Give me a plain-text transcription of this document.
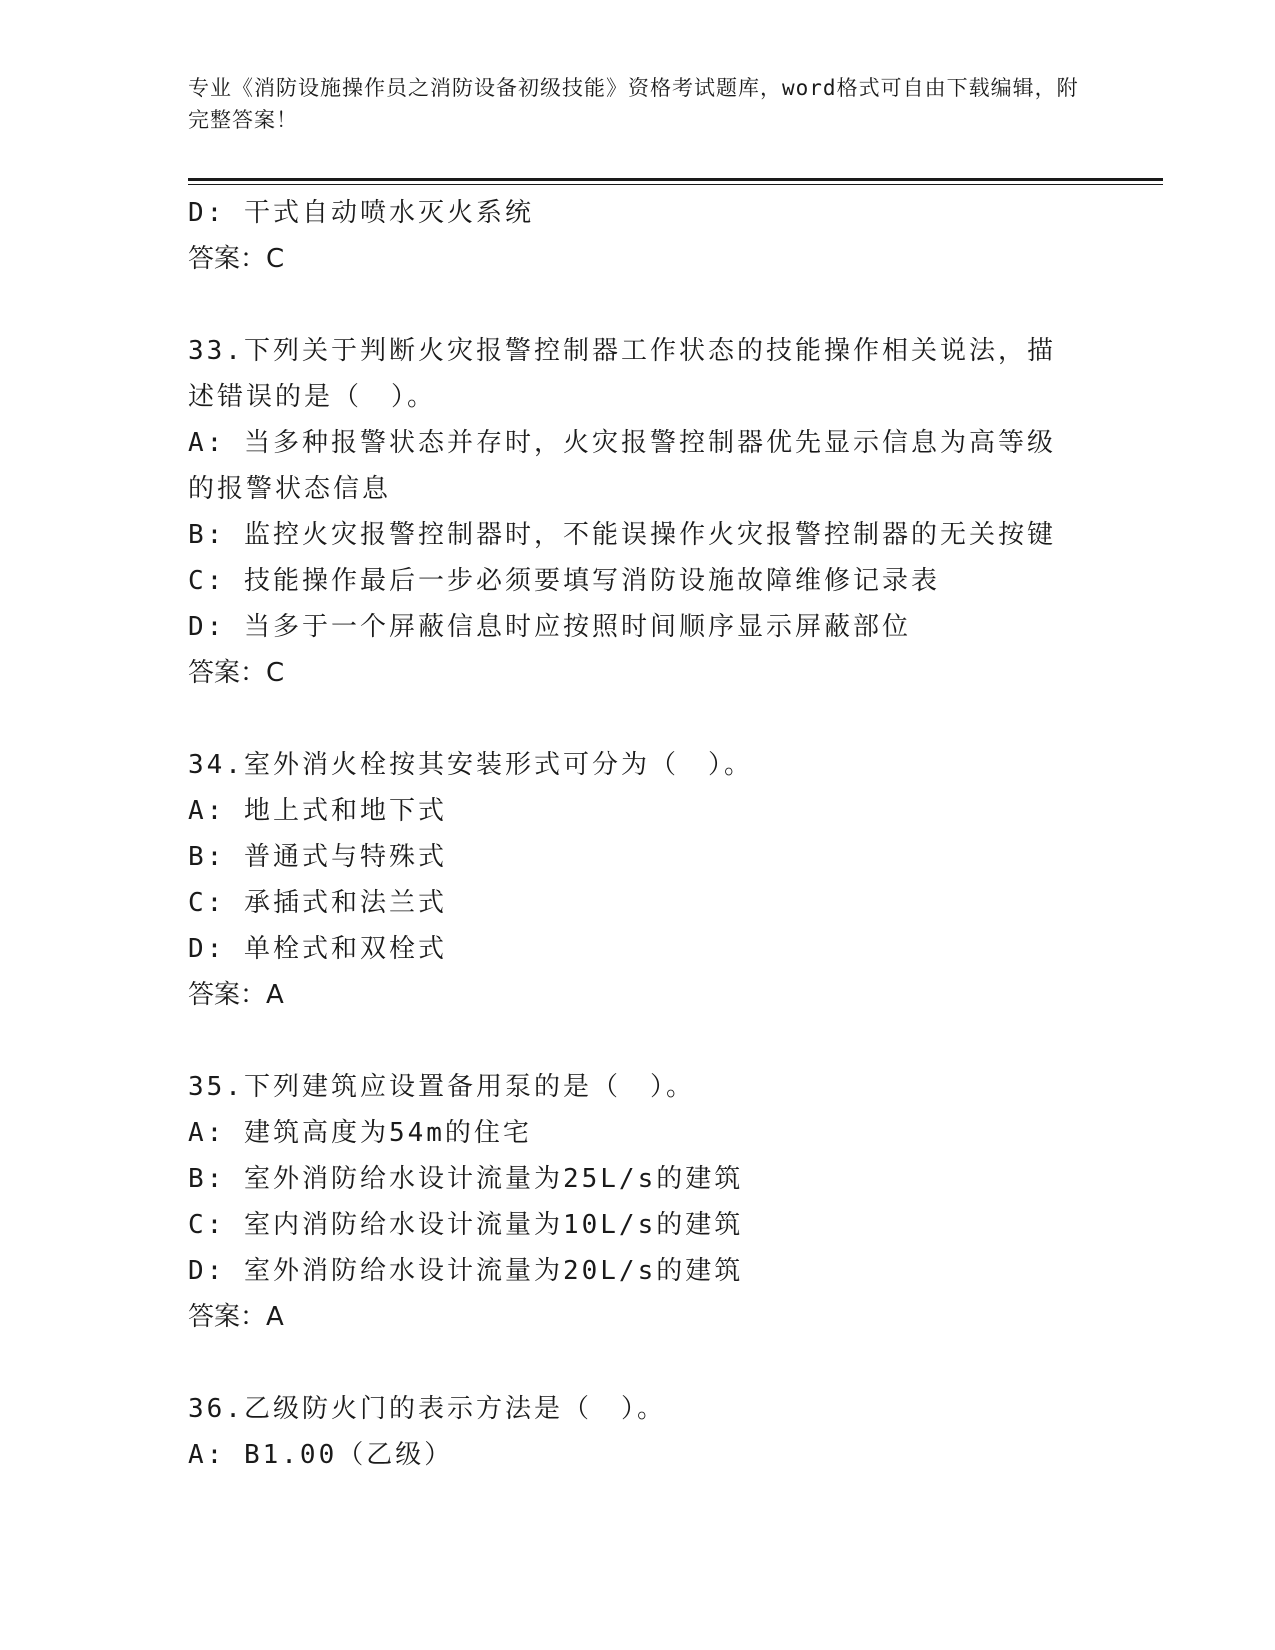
专业《消防设施操作员之消防设备初级技能》资格考试题库，word格式可自由下载编辑，附完整答案！

D: 干式自动喷水灭火系统

答案：C

33.下列关于判断火灾报警控制器工作状态的技能操作相关说法，描述错误的是（　）。

A: 当多种报警状态并存时，火灾报警控制器优先显示信息为高等级的报警状态信息

B: 监控火灾报警控制器时，不能误操作火灾报警控制器的无关按键

C: 技能操作最后一步必须要填写消防设施故障维修记录表

D: 当多于一个屏蔽信息时应按照时间顺序显示屏蔽部位

答案：C

34.室外消火栓按其安装形式可分为（　）。

A: 地上式和地下式

B: 普通式与特殊式

C: 承插式和法兰式

D: 单栓式和双栓式

答案：A

35.下列建筑应设置备用泵的是（　）。

A: 建筑高度为54m的住宅

B: 室外消防给水设计流量为25L/s的建筑

C: 室内消防给水设计流量为10L/s的建筑

D: 室外消防给水设计流量为20L/s的建筑

答案：A

36.乙级防火门的表示方法是（　）。

A: B1.00（乙级）
